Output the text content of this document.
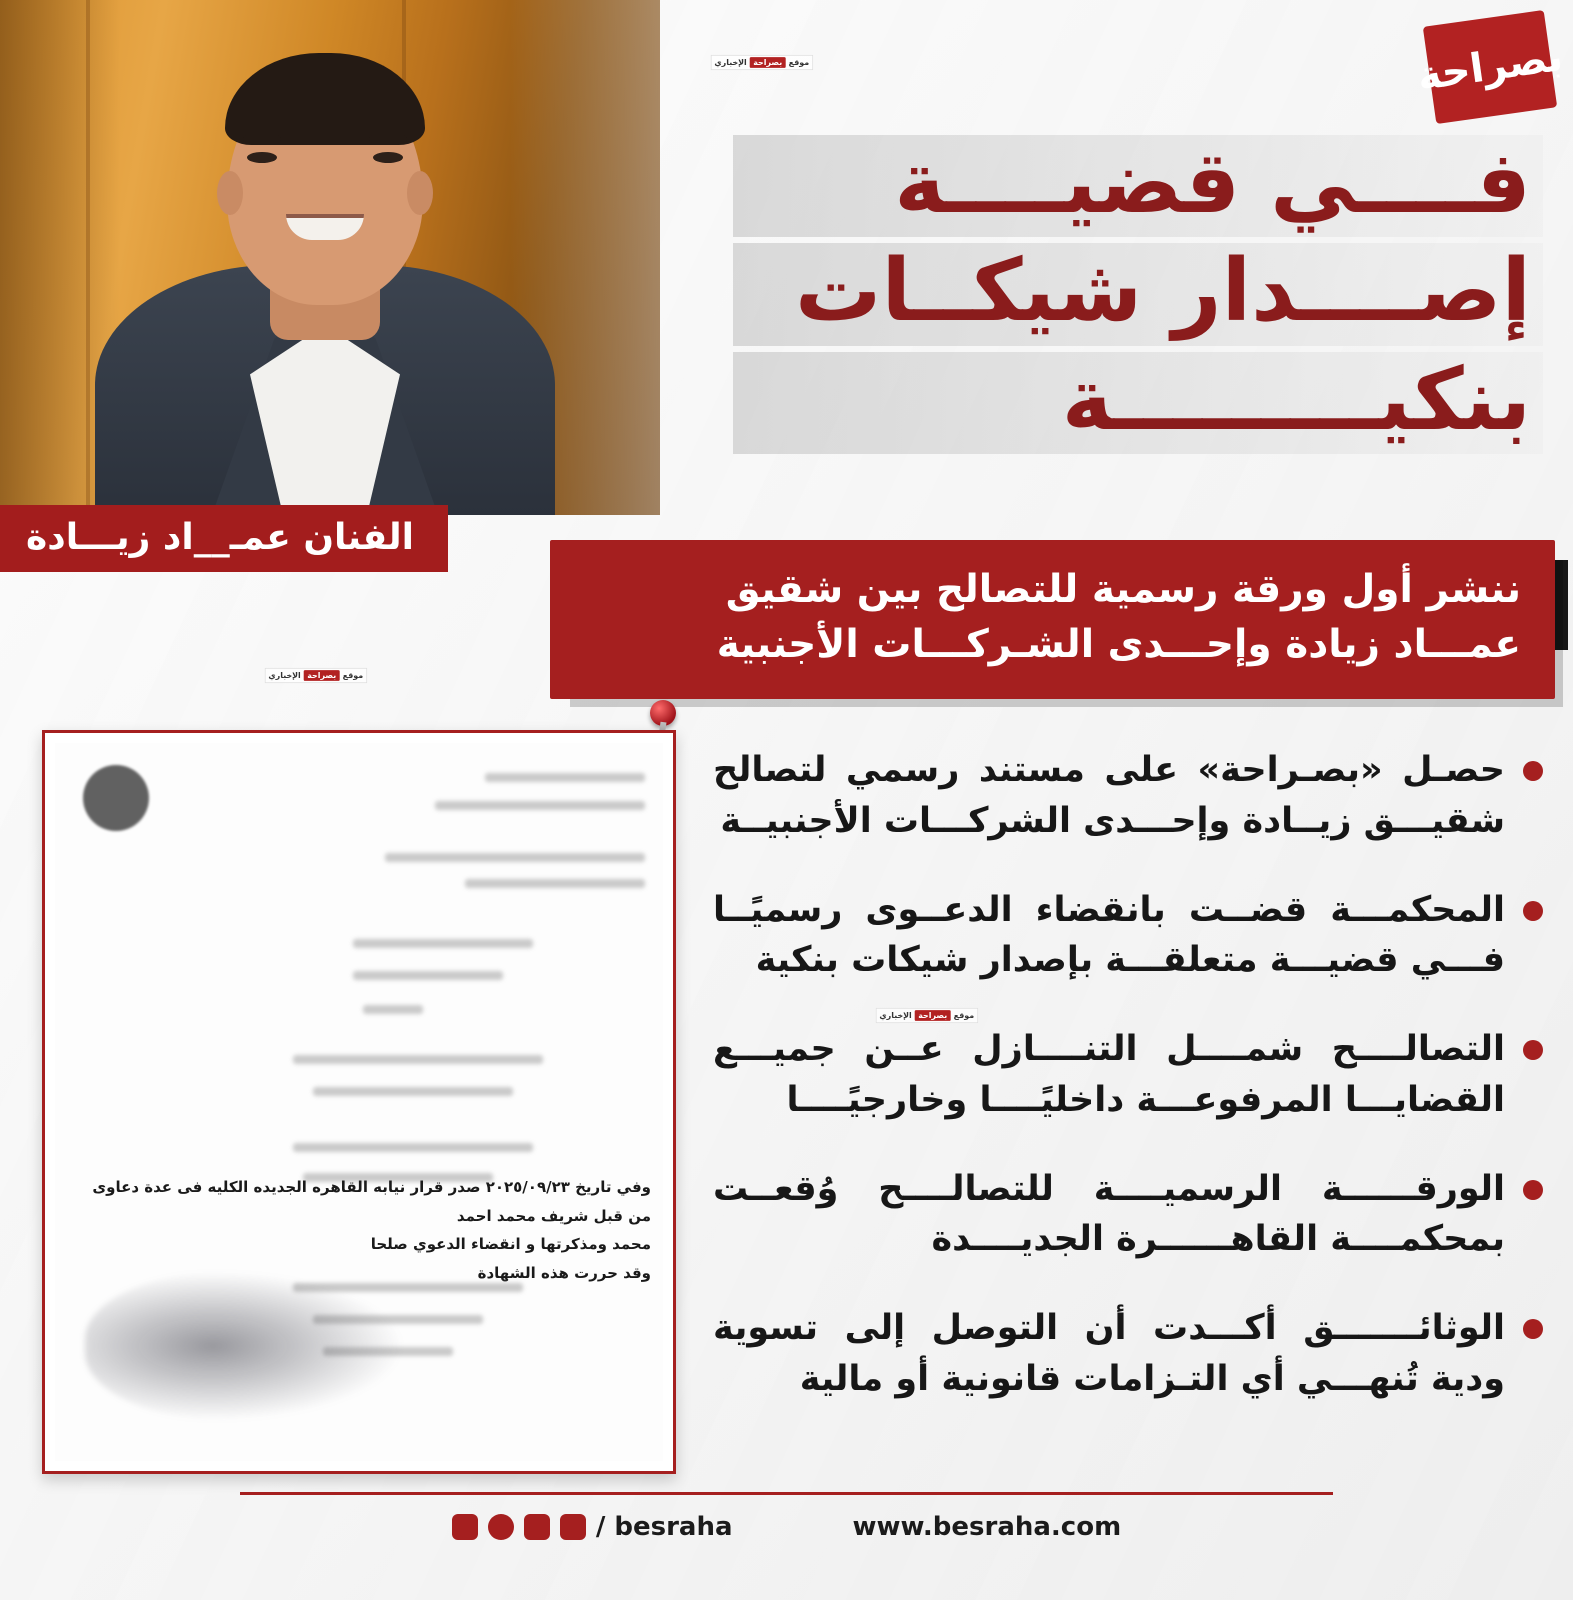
الفنان عمـ__اد زيـــادة
بصراحة
موقع
بصراحة
الإخباري
موقع
بصراحة
الإخباري
موقع
بصراحة
الإخباري
فــــي قضيــــة إصــــدار شيكــات بنكيـــــــــة
ننشر أول ورقة رسمية للتصالح بين شقيق
عمـــاد زيادة وإحـــدى الشـركـــات الأجنبية
حصـل «بصـراحة» على مستند رسمي لتصالح شقيـــق زيــادة وإحـــدى الشركـــات الأجنبيــة
المحكمـــة قضــت بانقضاء الدعــوى رسميًــا فـــي قضيـــة متعلقـــة بإصدار شيكات بنكية
التصالــــح شمــــل التنــــازل عــن جميـــع القضايـــا المرفوعـــة داخليًــــا وخارجيًــــا
الورقــــــة الرسميــــة للتصالــــح وُقعــت بمحكمــــة القاهــــــرة الجديــــدة
الوثائـــــــق أكـــدت أن التوصل إلى تسوية ودية تُنهـــي أي التـزامات قانونية أو مالية
وفي تاريخ ٢٠٢٥/٠٩/٢٣ صدر قرار نيابه القاهره الجديده الكليه فى عدة دعاوى من قبل شريف محمد احمد
محمد ومذكرتها و انقضاء الدعوي صلحا
وقد حررت هذه الشهادة
/ besraha	www.besraha.com
